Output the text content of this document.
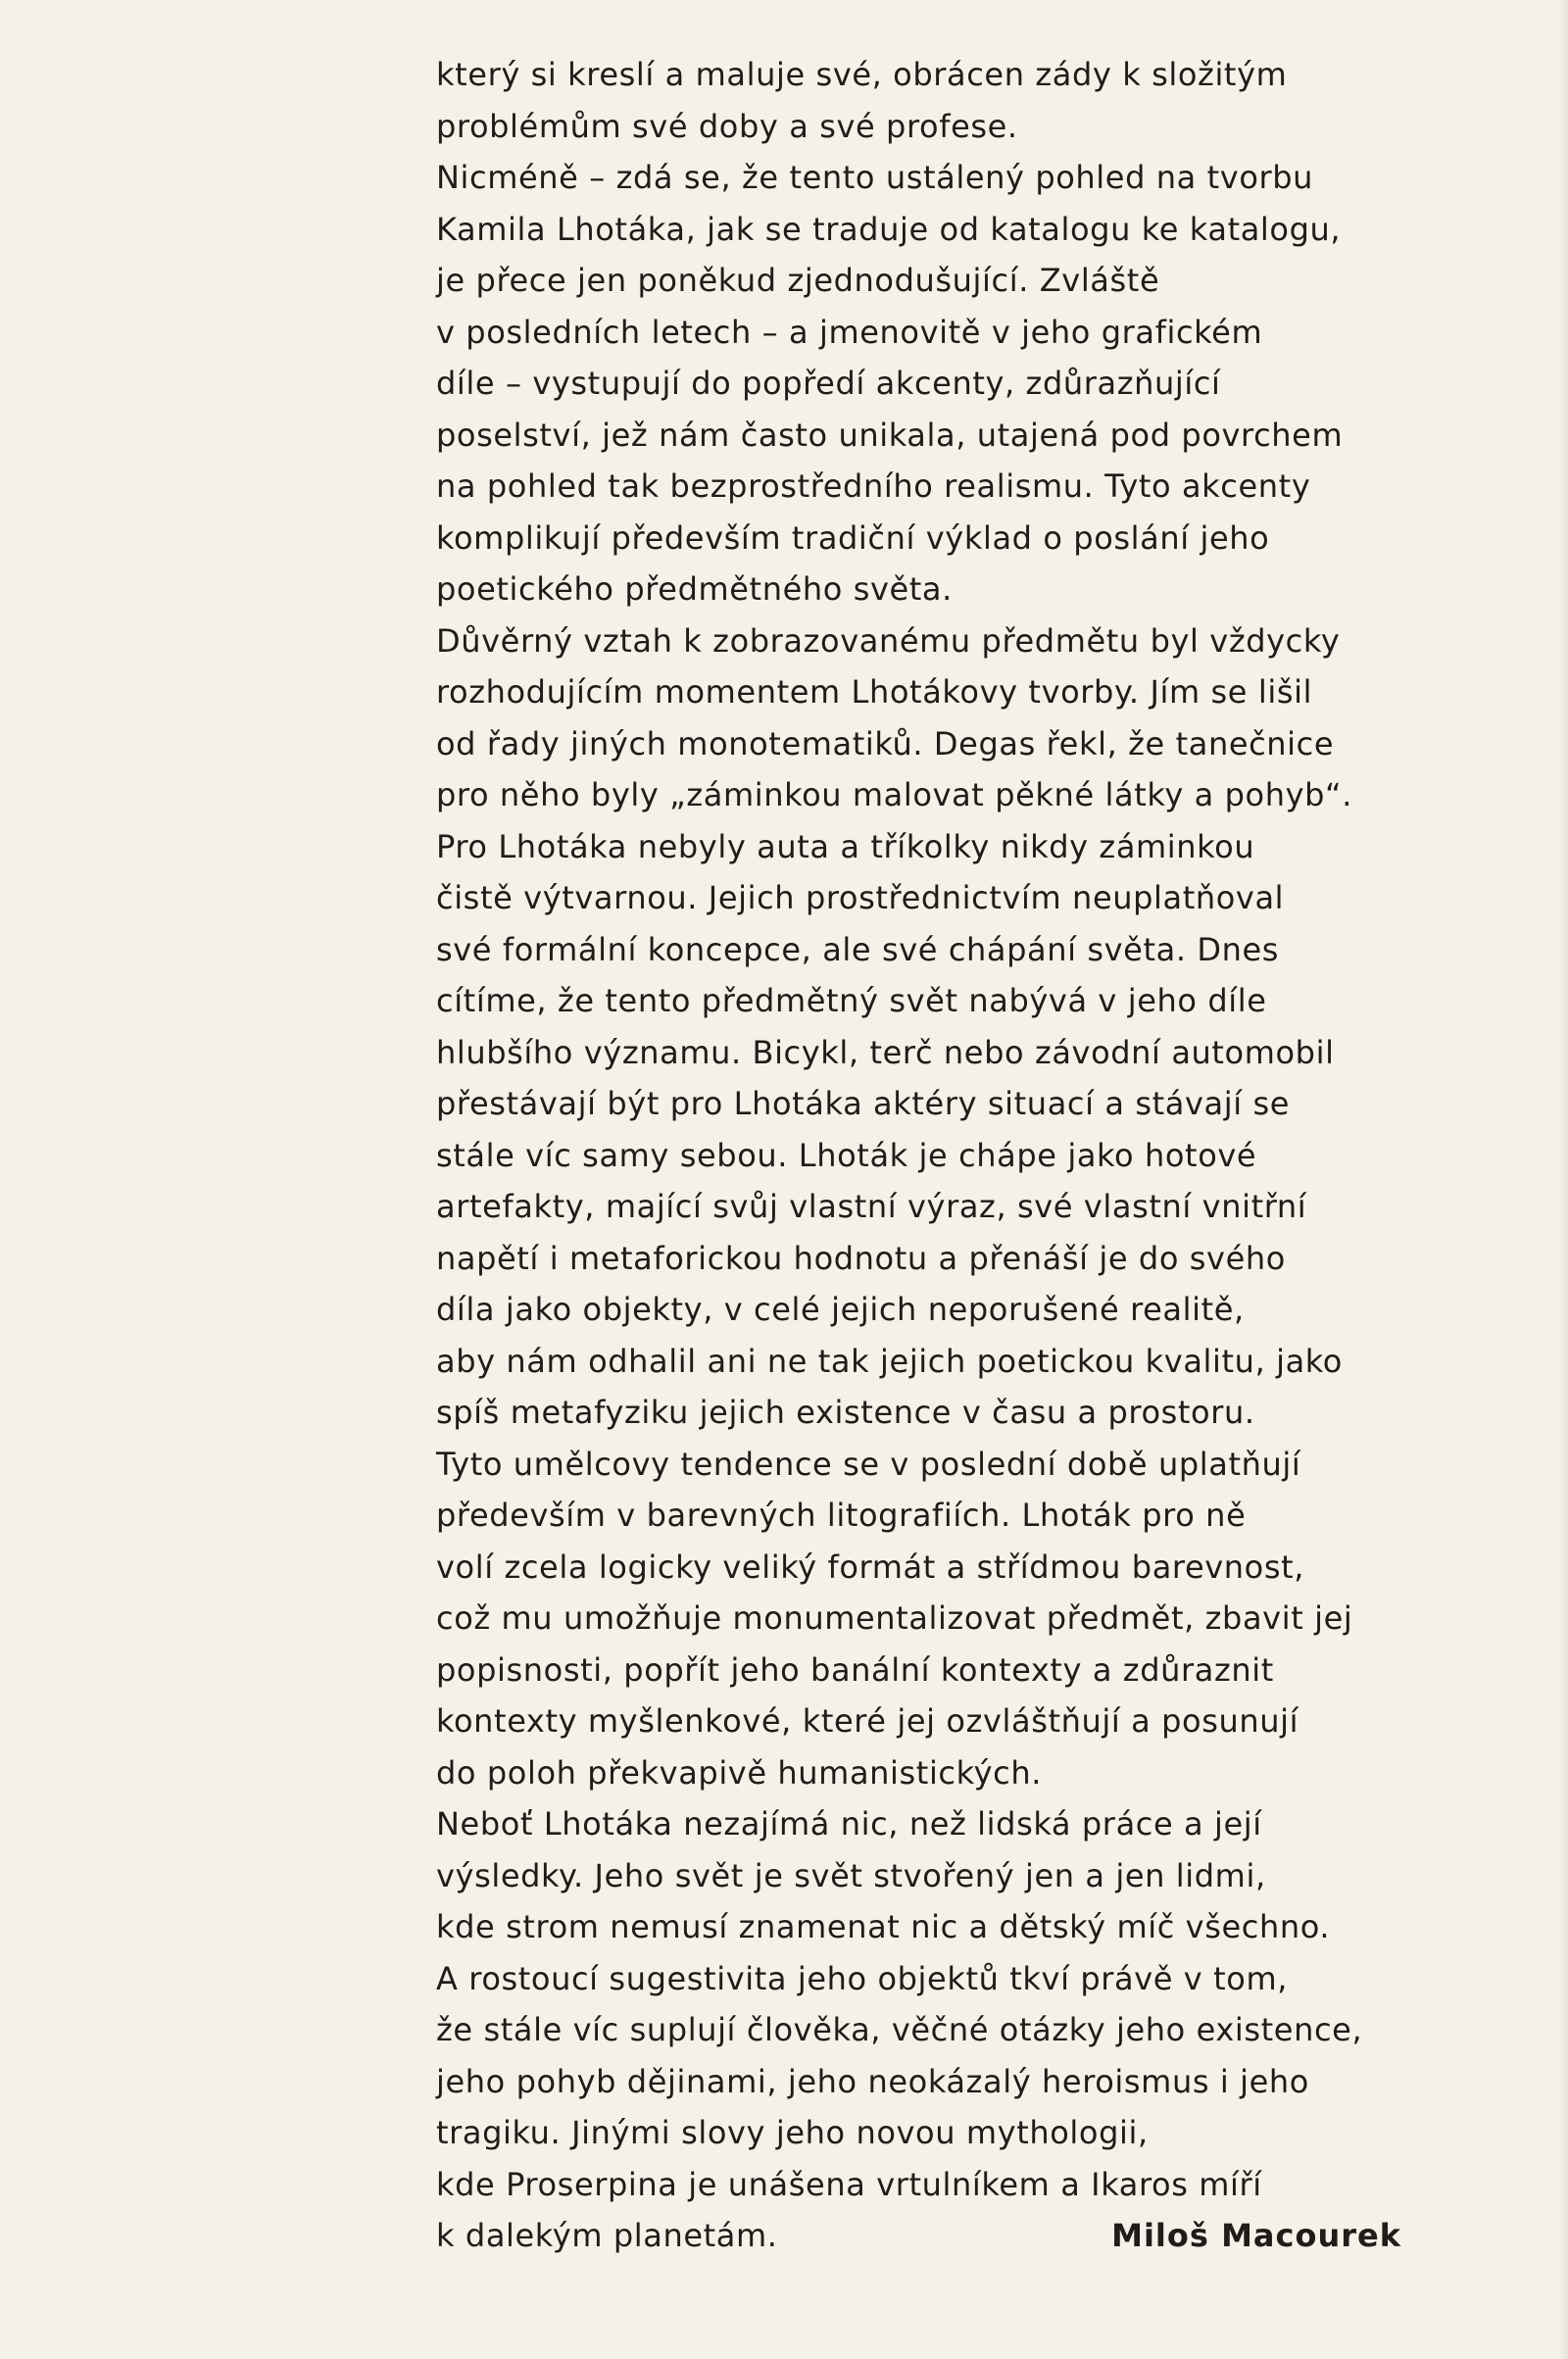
který si kreslí a maluje své, obrácen zády k složitým
problémům své doby a své profese.
Nicméně – zdá se, že tento ustálený pohled na tvorbu
Kamila Lhotáka, jak se traduje od katalogu ke katalogu,
je přece jen poněkud zjednodušující. Zvláště
v posledních letech – a jmenovitě v jeho grafickém
díle – vystupují do popředí akcenty, zdůrazňující
poselství, jež nám často unikala, utajená pod povrchem
na pohled tak bezprostředního realismu. Tyto akcenty
komplikují především tradiční výklad o poslání jeho
poetického předmětného světa.
Důvěrný vztah k zobrazovanému předmětu byl vždycky
rozhodujícím momentem Lhotákovy tvorby. Jím se lišil
od řady jiných monotematiků. Degas řekl, že tanečnice
pro něho byly „záminkou malovat pěkné látky a pohyb“.
Pro Lhotáka nebyly auta a tříkolky nikdy záminkou
čistě výtvarnou. Jejich prostřednictvím neuplatňoval
své formální koncepce, ale své chápání světa. Dnes
cítíme, že tento předmětný svět nabývá v jeho díle
hlubšího významu. Bicykl, terč nebo závodní automobil
přestávají být pro Lhotáka aktéry situací a stávají se
stále víc samy sebou. Lhoták je chápe jako hotové
artefakty, mající svůj vlastní výraz, své vlastní vnitřní
napětí i metaforickou hodnotu a přenáší je do svého
díla jako objekty, v celé jejich neporušené realitě,
aby nám odhalil ani ne tak jejich poetickou kvalitu, jako
spíš metafyziku jejich existence v času a prostoru.
Tyto umělcovy tendence se v poslední době uplatňují
především v barevných litografiích. Lhoták pro ně
volí zcela logicky veliký formát a střídmou barevnost,
což mu umožňuje monumentalizovat předmět, zbavit jej
popisnosti, popřít jeho banální kontexty a zdůraznit
kontexty myšlenkové, které jej ozvláštňují a posunují
do poloh překvapivě humanistických.
Neboť Lhotáka nezajímá nic, než lidská práce a její
výsledky. Jeho svět je svět stvořený jen a jen lidmi,
kde strom nemusí znamenat nic a dětský míč všechno.
A rostoucí sugestivita jeho objektů tkví právě v tom,
že stále víc suplují člověka, věčné otázky jeho existence,
jeho pohyb dějinami, jeho neokázalý heroismus i jeho
tragiku. Jinými slovy jeho novou mythologii,
kde Proserpina je unášena vrtulníkem a Ikaros míří
k dalekým planetám.	Miloš Macourek
